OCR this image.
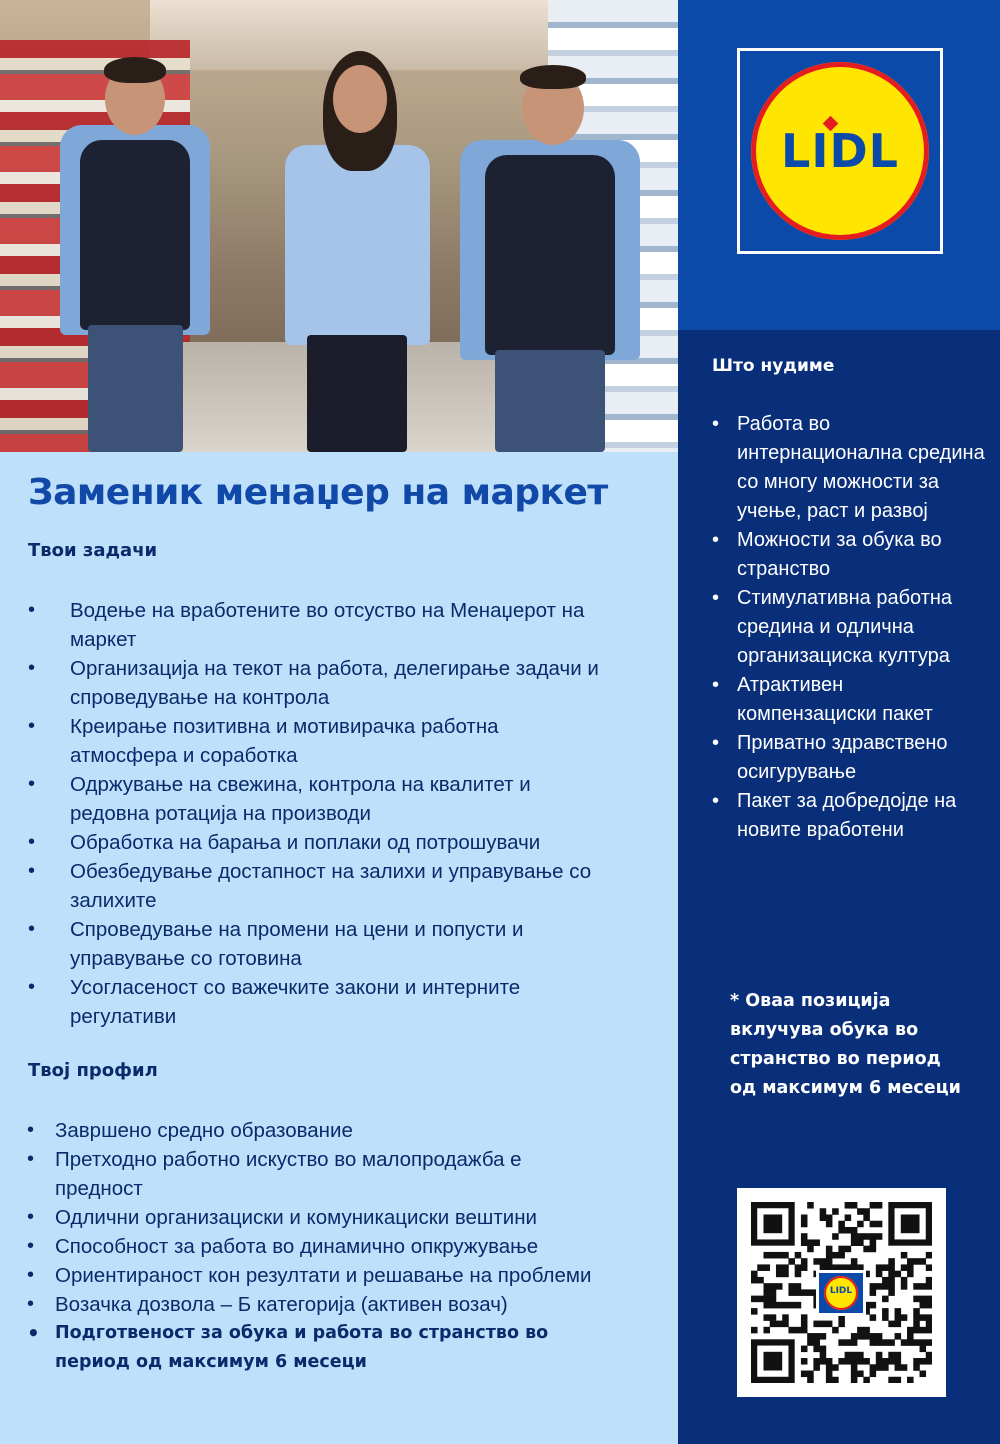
Заменик менаџер на маркет
Твои задачи
• Водење на вработените во отсуство на Менаџерот на маркет
• Организација на текот на работа, делегирање задачи и спроведување на контрола
• Креирање позитивна и мотивирачка работна атмосфера и соработка
• Одржување на свежина, контрола на квалитет и редовна ротација на производи
• Обработка на барања и поплаки од потрошувачи
• Обезбедување достапност на залихи и управување со залихите
• Спроведување на промени на цени и попусти и управување со готовина
• Усогласеност со важечките закони и интерните регулативи
Твој профил
• Завршено средно образование
• Претходно работно искуство во малопродажба е предност
• Одлични организациски и комуникациски вештини
• Способност за работа во динамично опкружување
• Ориентираност кон резултати и решавање на проблеми
• Возачка дозвола – Б категорија (активен возач)
• Подготвеност за обука и работа во странство во период од максимум 6 месеци
LIDL
Што нудиме
• Работа во интернационална средина со многу можности за учење, раст и развој
• Можности за обука во странство
• Стимулативна работна средина и одлична организациска култура
• Атрактивен компензациски пакет
• Приватно здравствено осигурување
• Пакет за добредојде на новите вработени

* Оваа позиција вклучува обука во странство во период од максимум 6 месеци

LIDL
